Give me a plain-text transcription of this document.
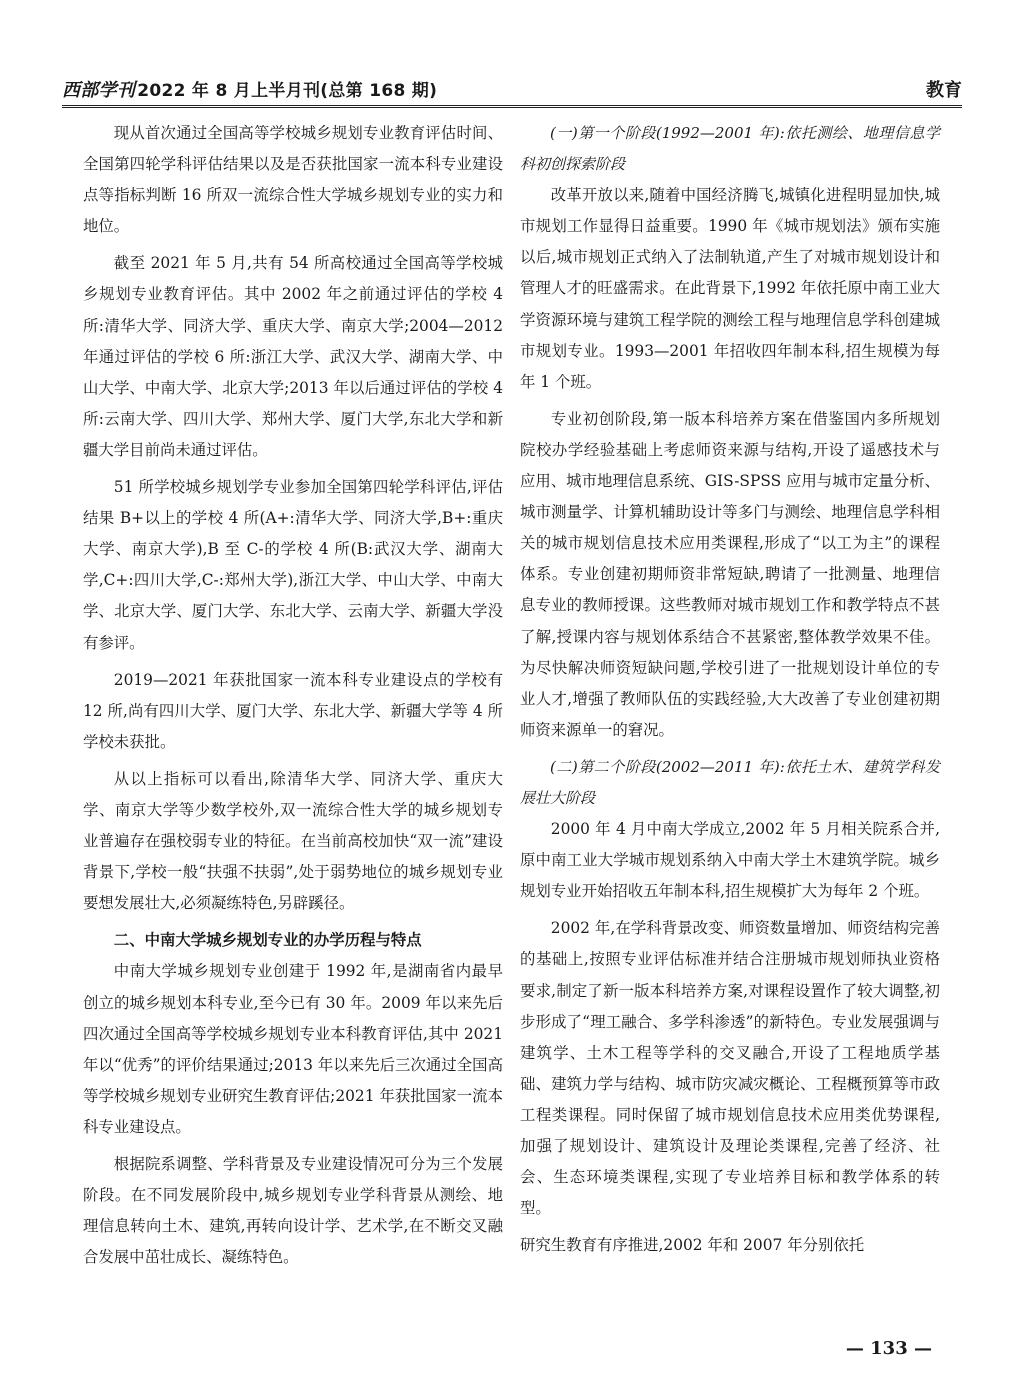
西部学刊 2022 年 8 月上半月刊(总第 168 期)	教育

现从首次通过全国高等学校城乡规划专业教育评估时间、全国第四轮学科评估结果以及是否获批国家一流本科专业建设点等指标判断 16 所双一流综合性大学城乡规划专业的实力和地位。

截至 2021 年 5 月,共有 54 所高校通过全国高等学校城乡规划专业教育评估。其中 2002 年之前通过评估的学校 4 所:清华大学、同济大学、重庆大学、南京大学;2004—2012 年通过评估的学校 6 所:浙江大学、武汉大学、湖南大学、中山大学、中南大学、北京大学;2013 年以后通过评估的学校 4 所:云南大学、四川大学、郑州大学、厦门大学,东北大学和新疆大学目前尚未通过评估。

51 所学校城乡规划学专业参加全国第四轮学科评估,评估结果 B+以上的学校 4 所(A+:清华大学、同济大学,B+:重庆大学、南京大学),B 至 C-的学校 4 所(B:武汉大学、湖南大学,C+:四川大学,C-:郑州大学),浙江大学、中山大学、中南大学、北京大学、厦门大学、东北大学、云南大学、新疆大学没有参评。

2019—2021 年获批国家一流本科专业建设点的学校有 12 所,尚有四川大学、厦门大学、东北大学、新疆大学等 4 所学校未获批。

从以上指标可以看出,除清华大学、同济大学、重庆大学、南京大学等少数学校外,双一流综合性大学的城乡规划专业普遍存在强校弱专业的特征。在当前高校加快“双一流”建设背景下,学校一般“扶强不扶弱”,处于弱势地位的城乡规划专业要想发展壮大,必须凝练特色,另辟蹊径。

二、中南大学城乡规划专业的办学历程与特点

中南大学城乡规划专业创建于 1992 年,是湖南省内最早创立的城乡规划本科专业,至今已有 30 年。2009 年以来先后四次通过全国高等学校城乡规划专业本科教育评估,其中 2021 年以“优秀”的评价结果通过;2013 年以来先后三次通过全国高等学校城乡规划专业研究生教育评估;2021 年获批国家一流本科专业建设点。

根据院系调整、学科背景及专业建设情况可分为三个发展阶段。在不同发展阶段中,城乡规划专业学科背景从测绘、地理信息转向土木、建筑,再转向设计学、艺术学,在不断交叉融合发展中茁壮成长、凝练特色。

(一)第一个阶段(1992—2001 年):依托测绘、地理信息学科初创探索阶段

改革开放以来,随着中国经济腾飞,城镇化进程明显加快,城市规划工作显得日益重要。1990 年《城市规划法》颁布实施以后,城市规划正式纳入了法制轨道,产生了对城市规划设计和管理人才的旺盛需求。在此背景下,1992 年依托原中南工业大学资源环境与建筑工程学院的测绘工程与地理信息学科创建城市规划专业。1993—2001 年招收四年制本科,招生规模为每年 1 个班。

专业初创阶段,第一版本科培养方案在借鉴国内多所规划院校办学经验基础上考虑师资来源与结构,开设了遥感技术与应用、城市地理信息系统、GIS-SPSS 应用与城市定量分析、城市测量学、计算机辅助设计等多门与测绘、地理信息学科相关的城市规划信息技术应用类课程,形成了“以工为主”的课程体系。专业创建初期师资非常短缺,聘请了一批测量、地理信息专业的教师授课。这些教师对城市规划工作和教学特点不甚了解,授课内容与规划体系结合不甚紧密,整体教学效果不佳。为尽快解决师资短缺问题,学校引进了一批规划设计单位的专业人才,增强了教师队伍的实践经验,大大改善了专业创建初期师资来源单一的窘况。

(二)第二个阶段(2002—2011 年):依托土木、建筑学科发展壮大阶段

2000 年 4 月中南大学成立,2002 年 5 月相关院系合并,原中南工业大学城市规划系纳入中南大学土木建筑学院。城乡规划专业开始招收五年制本科,招生规模扩大为每年 2 个班。

2002 年,在学科背景改变、师资数量增加、师资结构完善的基础上,按照专业评估标准并结合注册城市规划师执业资格要求,制定了新一版本科培养方案,对课程设置作了较大调整,初步形成了“理工融合、多学科渗透”的新特色。专业发展强调与建筑学、土木工程等学科的交叉融合,开设了工程地质学基础、建筑力学与结构、城市防灾减灾概论、工程概预算等市政工程类课程。同时保留了城市规划信息技术应用类优势课程,加强了规划设计、建筑设计及理论类课程,完善了经济、社会、生态环境类课程,实现了专业培养目标和教学体系的转型。

研究生教育有序推进,2002 年和 2007 年分别依托

— 133 —
